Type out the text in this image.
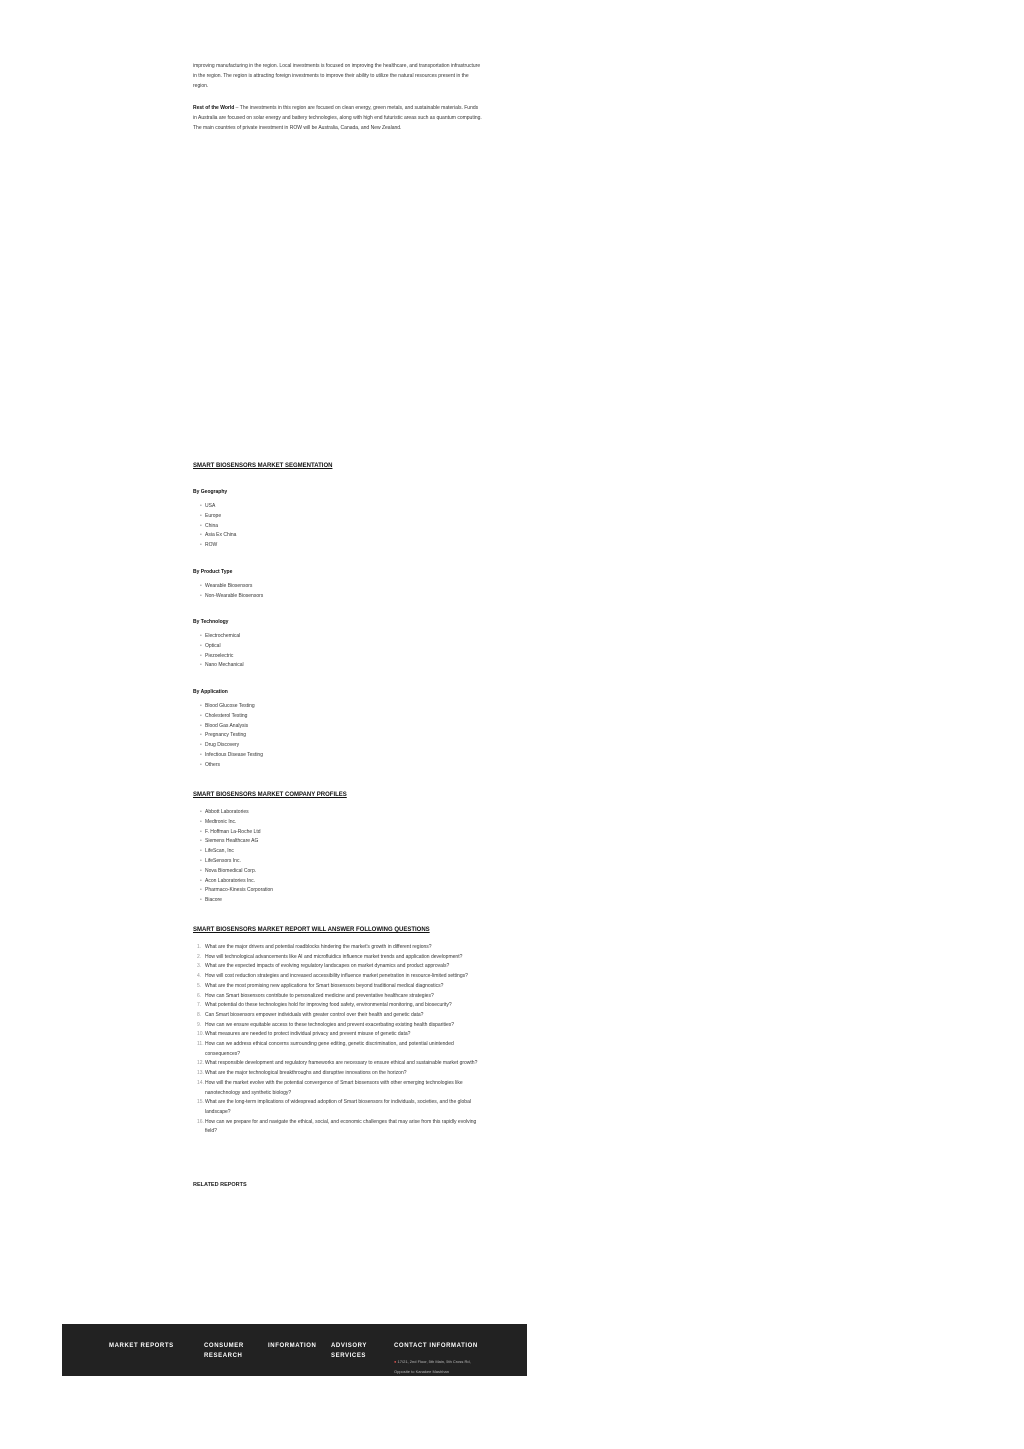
improving manufacturing in the region. Local investments is focused on improving the healthcare, and transportation infrastructure in the region. The region is attracting foreign investments to improve their ability to utilize the natural resources present in the region.

Rest of the World – The investments in this region are focused on clean energy, green metals, and sustainable materials. Funds in Australia are focused on solar energy and battery technologies, along with high end futuristic areas such as quantum computing. The main countries of private investment in ROW will be Australia, Canada, and New Zealand.

SMART BIOSENSORS MARKET SEGMENTATION
By Geography
• USA
• Europe
• China
• Asia Ex China
• ROW
By Product Type
• Wearable Biosensors
• Non-Wearable Biosensors
By Technology
• Electrochemical
• Optical
• Piezoelectric
• Nano Mechanical
By Application
• Blood Glucose Testing
• Cholesterol Testing
• Blood Gas Analysis
• Pregnancy Testing
• Drug Discovery
• Infectious Disease Testing
• Others
SMART BIOSENSORS MARKET COMPANY PROFILES
• Abbott Laboratories
• Medtronic Inc.
• F. Hoffman La-Roche Ltd
• Siemens Healthcare AG
• LifeScan, Inc
• LifeSensors Inc.
• Nova Biomedical Corp.
• Acon Laboratories Inc.
• Pharmaco-Kinesis Corporation
• Biacore
SMART BIOSENSORS MARKET REPORT WILL ANSWER FOLLOWING QUESTIONS
1. What are the major drivers and potential roadblocks hindering the market's growth in different regions?
2. How will technological advancements like AI and microfluidics influence market trends and application development?
3. What are the expected impacts of evolving regulatory landscapes on market dynamics and product approvals?
4. How will cost reduction strategies and increased accessibility influence market penetration in resource-limited settings?
5. What are the most promising new applications for Smart biosensors beyond traditional medical diagnostics?
6. How can Smart biosensors contribute to personalized medicine and preventative healthcare strategies?
7. What potential do these technologies hold for improving food safety, environmental monitoring, and biosecurity?
8. Can Smart biosensors empower individuals with greater control over their health and genetic data?
9. How can we ensure equitable access to these technologies and prevent exacerbating existing health disparities?
10. What measures are needed to protect individual privacy and prevent misuse of genetic data?
11. How can we address ethical concerns surrounding gene editing, genetic discrimination, and potential unintended consequences?
12. What responsible development and regulatory frameworks are necessary to ensure ethical and sustainable market growth?
13. What are the major technological breakthroughs and disruptive innovations on the horizon?
14. How will the market evolve with the potential convergence of Smart biosensors with other emerging technologies like nanotechnology and synthetic biology?
15. What are the long-term implications of widespread adoption of Smart biosensors for individuals, societies, and the global landscape?
16. How can we prepare for and navigate the ethical, social, and economic challenges that may arise from this rapidly evolving field?
RELATED REPORTS
MARKET REPORTS	CONSUMER RESEARCH
INFORMATION ADVISORY SERVICES
CONTACT INFORMATION
● 17/21, 2nd Floor, 5th Main, 5th Cross Rd, Opposite to Kanakee Mashhan
